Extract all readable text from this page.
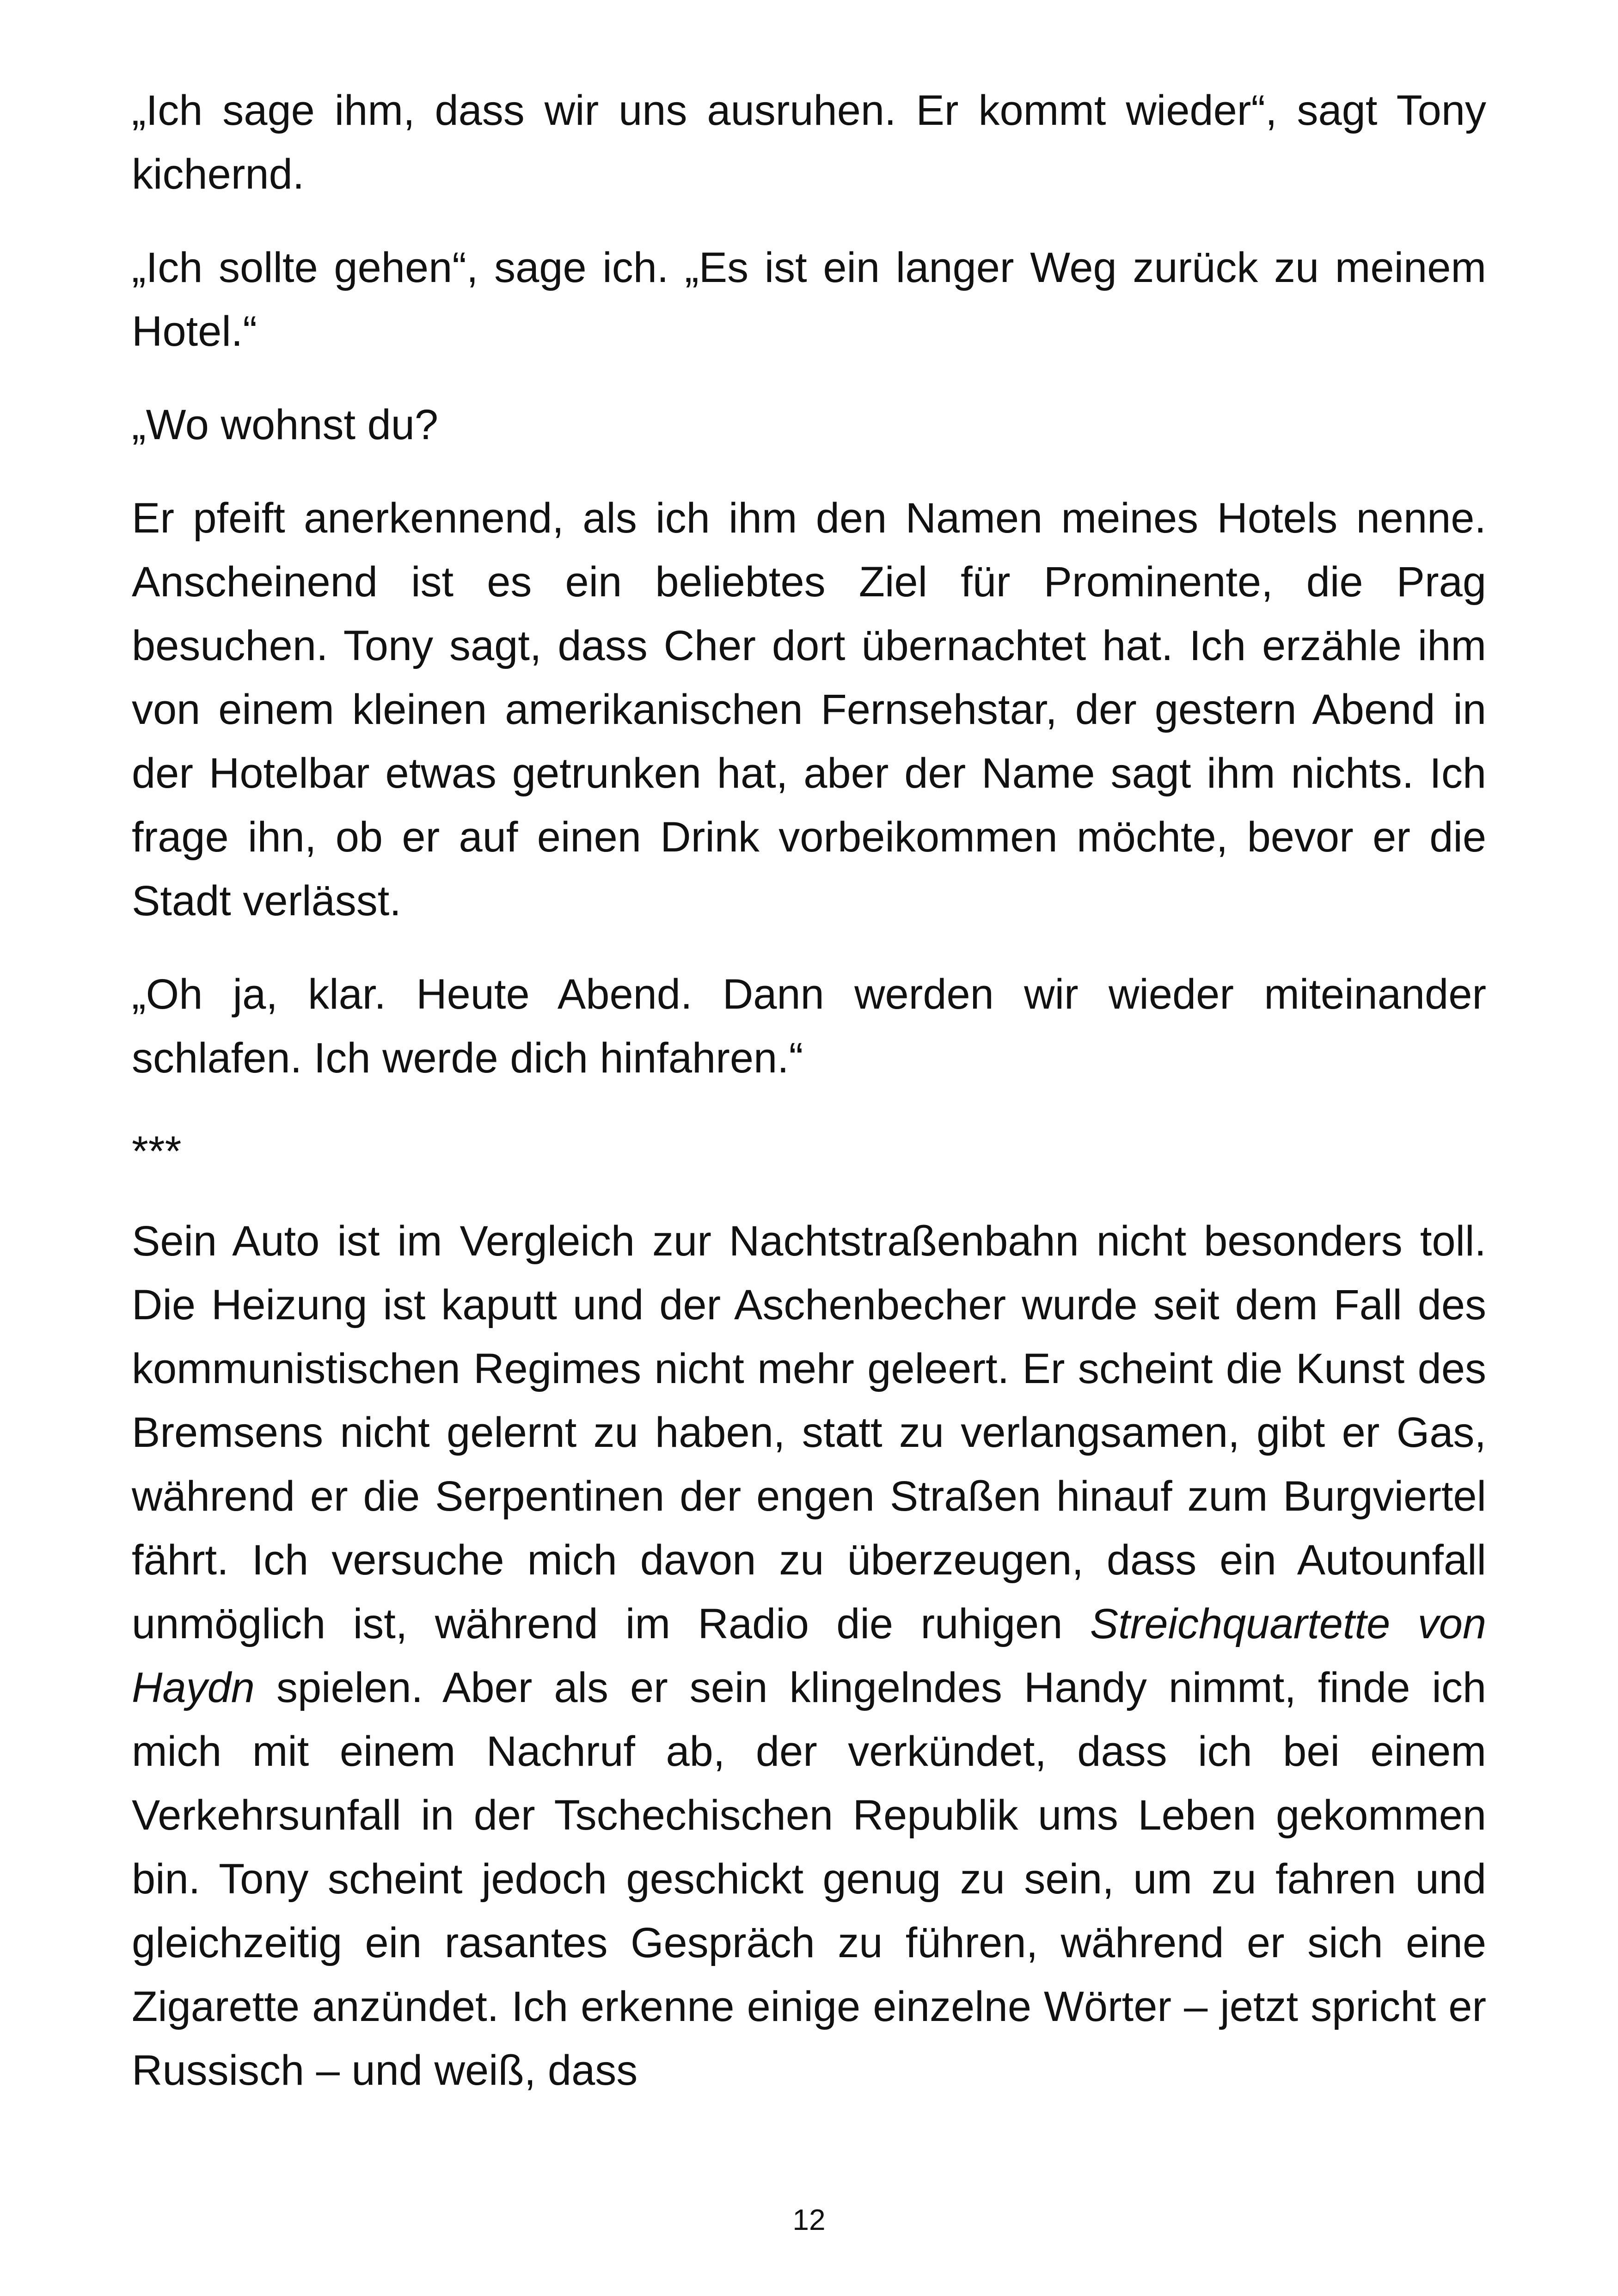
„Ich sage ihm, dass wir uns ausruhen. Er kommt wieder“, sagt Tony kichernd.

„Ich sollte gehen“, sage ich. „Es ist ein langer Weg zurück zu meinem Hotel.“

„Wo wohnst du?

Er pfeift anerkennend, als ich ihm den Namen meines Hotels nenne. Anscheinend ist es ein beliebtes Ziel für Prominente, die Prag besuchen. Tony sagt, dass Cher dort übernachtet hat. Ich erzähle ihm von einem kleinen amerikanischen Fernsehstar, der gestern Abend in der Hotelbar etwas getrunken hat, aber der Name sagt ihm nichts. Ich frage ihn, ob er auf einen Drink vorbeikommen möchte, bevor er die Stadt verlässt.

„Oh ja, klar. Heute Abend. Dann werden wir wieder miteinander schlafen. Ich werde dich hinfahren.“

***

Sein Auto ist im Vergleich zur Nachtstraßenbahn nicht besonders toll. Die Heizung ist kaputt und der Aschenbecher wurde seit dem Fall des kommunistischen Regimes nicht mehr geleert. Er scheint die Kunst des Bremsens nicht gelernt zu haben, statt zu verlangsamen, gibt er Gas, während er die Serpentinen der engen Straßen hinauf zum Burgviertel fährt. Ich versuche mich davon zu überzeugen, dass ein Autounfall unmöglich ist, während im Radio die ruhigen Streichquartette von Haydn spielen. Aber als er sein klingelndes Handy nimmt, finde ich mich mit einem Nachruf ab, der verkündet, dass ich bei einem Verkehrsunfall in der Tschechischen Republik ums Leben gekommen bin. Tony scheint jedoch geschickt genug zu sein, um zu fahren und gleichzeitig ein rasantes Gespräch zu führen, während er sich eine Zigarette anzündet. Ich erkenne einige einzelne Wörter – jetzt spricht er Russisch – und weiß, dass

12
